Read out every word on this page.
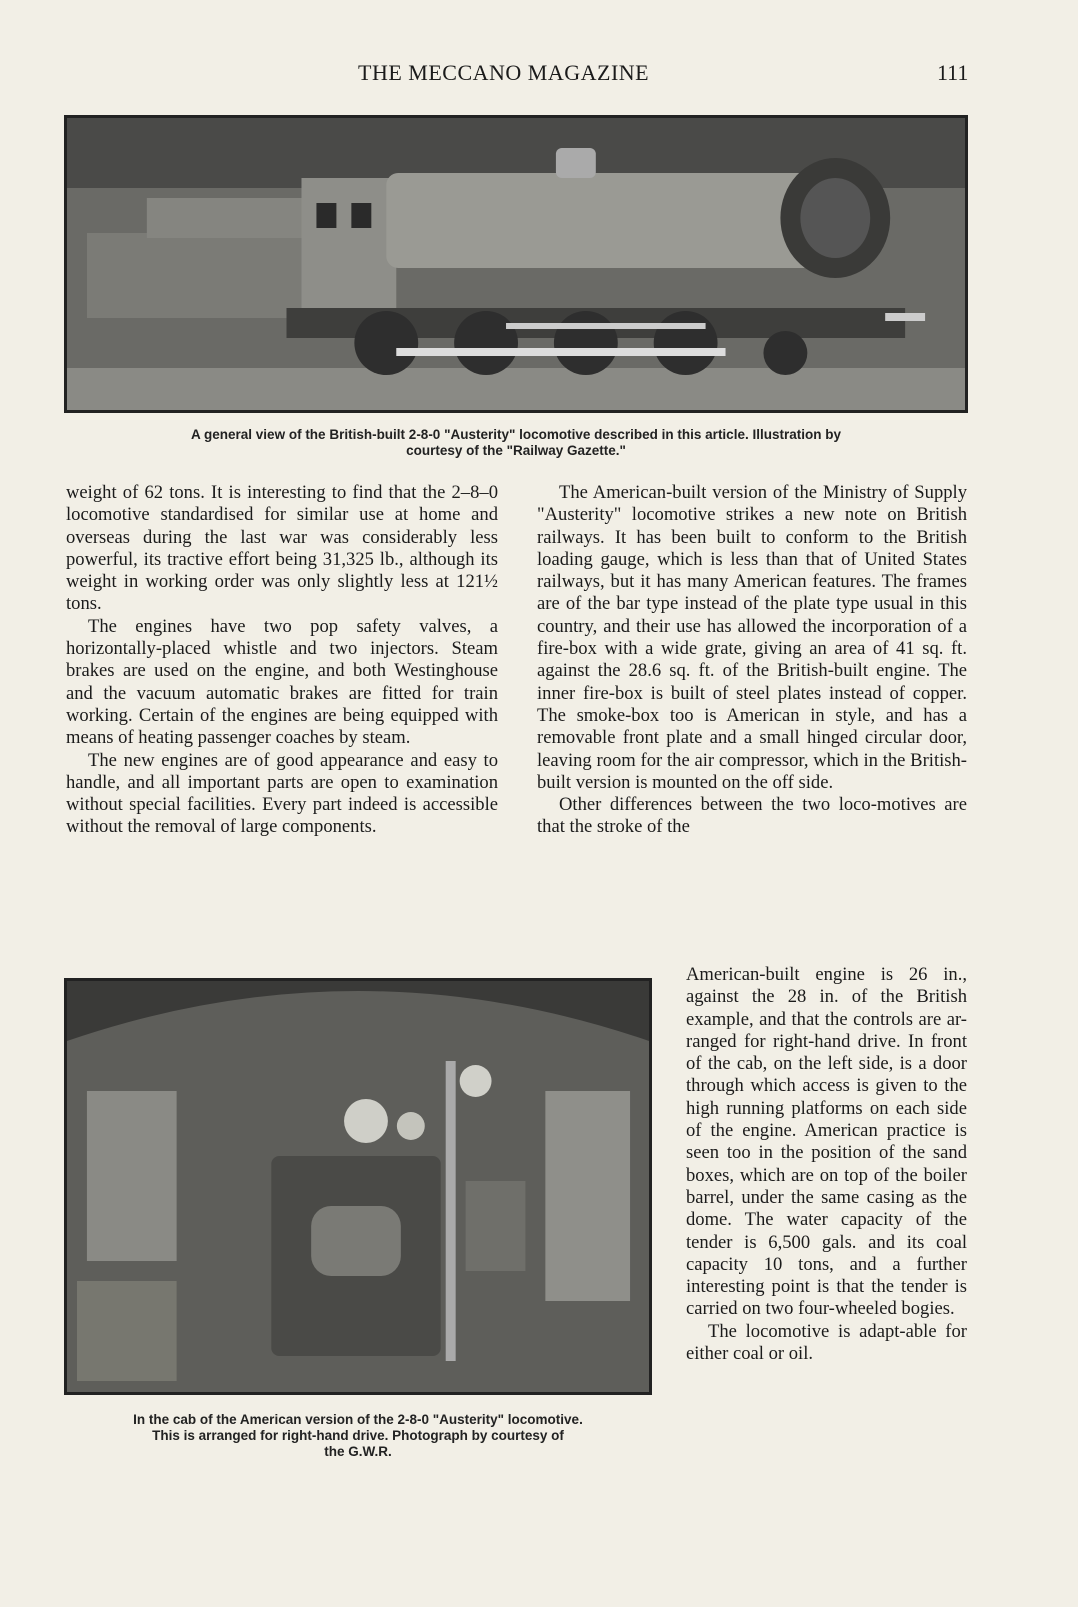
THE MECCANO MAGAZINE	111

A general view of the British-built 2-8-0 "Austerity" locomotive described in this article. Illustration by

courtesy of the "Railway Gazette."

weight of 62 tons. It is interesting to find that the 2–8–0 locomotive standardised for similar use at home and overseas during the last war was considerably less powerful, its tractive effort being 31,325 lb., although its weight in working order was only slightly less at 121½ tons.

The engines have two pop safety valves, a horizontally-placed whistle and two injectors. Steam brakes are used on the engine, and both Westinghouse and the vacuum automatic brakes are fitted for train working. Certain of the engines are being equipped with means of heating passenger coaches by steam.

The new engines are of good appearance and easy to handle, and all important parts are open to examination without special facilities. Every part indeed is accessible without the removal of large components.

The American-built version of the Ministry of Supply "Austerity" locomotive strikes a new note on British railways. It has been built to conform to the British loading gauge, which is less than that of United States railways, but it has many American features. The frames are of the bar type instead of the plate type usual in this country, and their use has allowed the incorporation of a fire-box with a wide grate, giving an area of 41 sq. ft. against the 28.6 sq. ft. of the British-built engine. The inner fire-box is built of steel plates instead of copper. The smoke-box too is American in style, and has a removable front plate and a small hinged circular door, leaving room for the air compressor, which in the British-built version is mounted on the off side.

Other differences between the two loco-motives are that the stroke of the

In the cab of the American version of the 2-8-0 "Austerity" locomotive.

This is arranged for right-hand drive. Photograph by courtesy of

the G.W.R.

American-built engine is 26 in., against the 28 in. of the British example, and that the controls are ar-ranged for right-hand drive. In front of the cab, on the left side, is a door through which access is given to the high running platforms on each side of the engine. American practice is seen too in the position of the sand boxes, which are on top of the boiler barrel, under the same casing as the dome. The water capacity of the tender is 6,500 gals. and its coal capacity 10 tons, and a further interesting point is that the tender is carried on two four-wheeled bogies.

The locomotive is adapt-able for either coal or oil.
